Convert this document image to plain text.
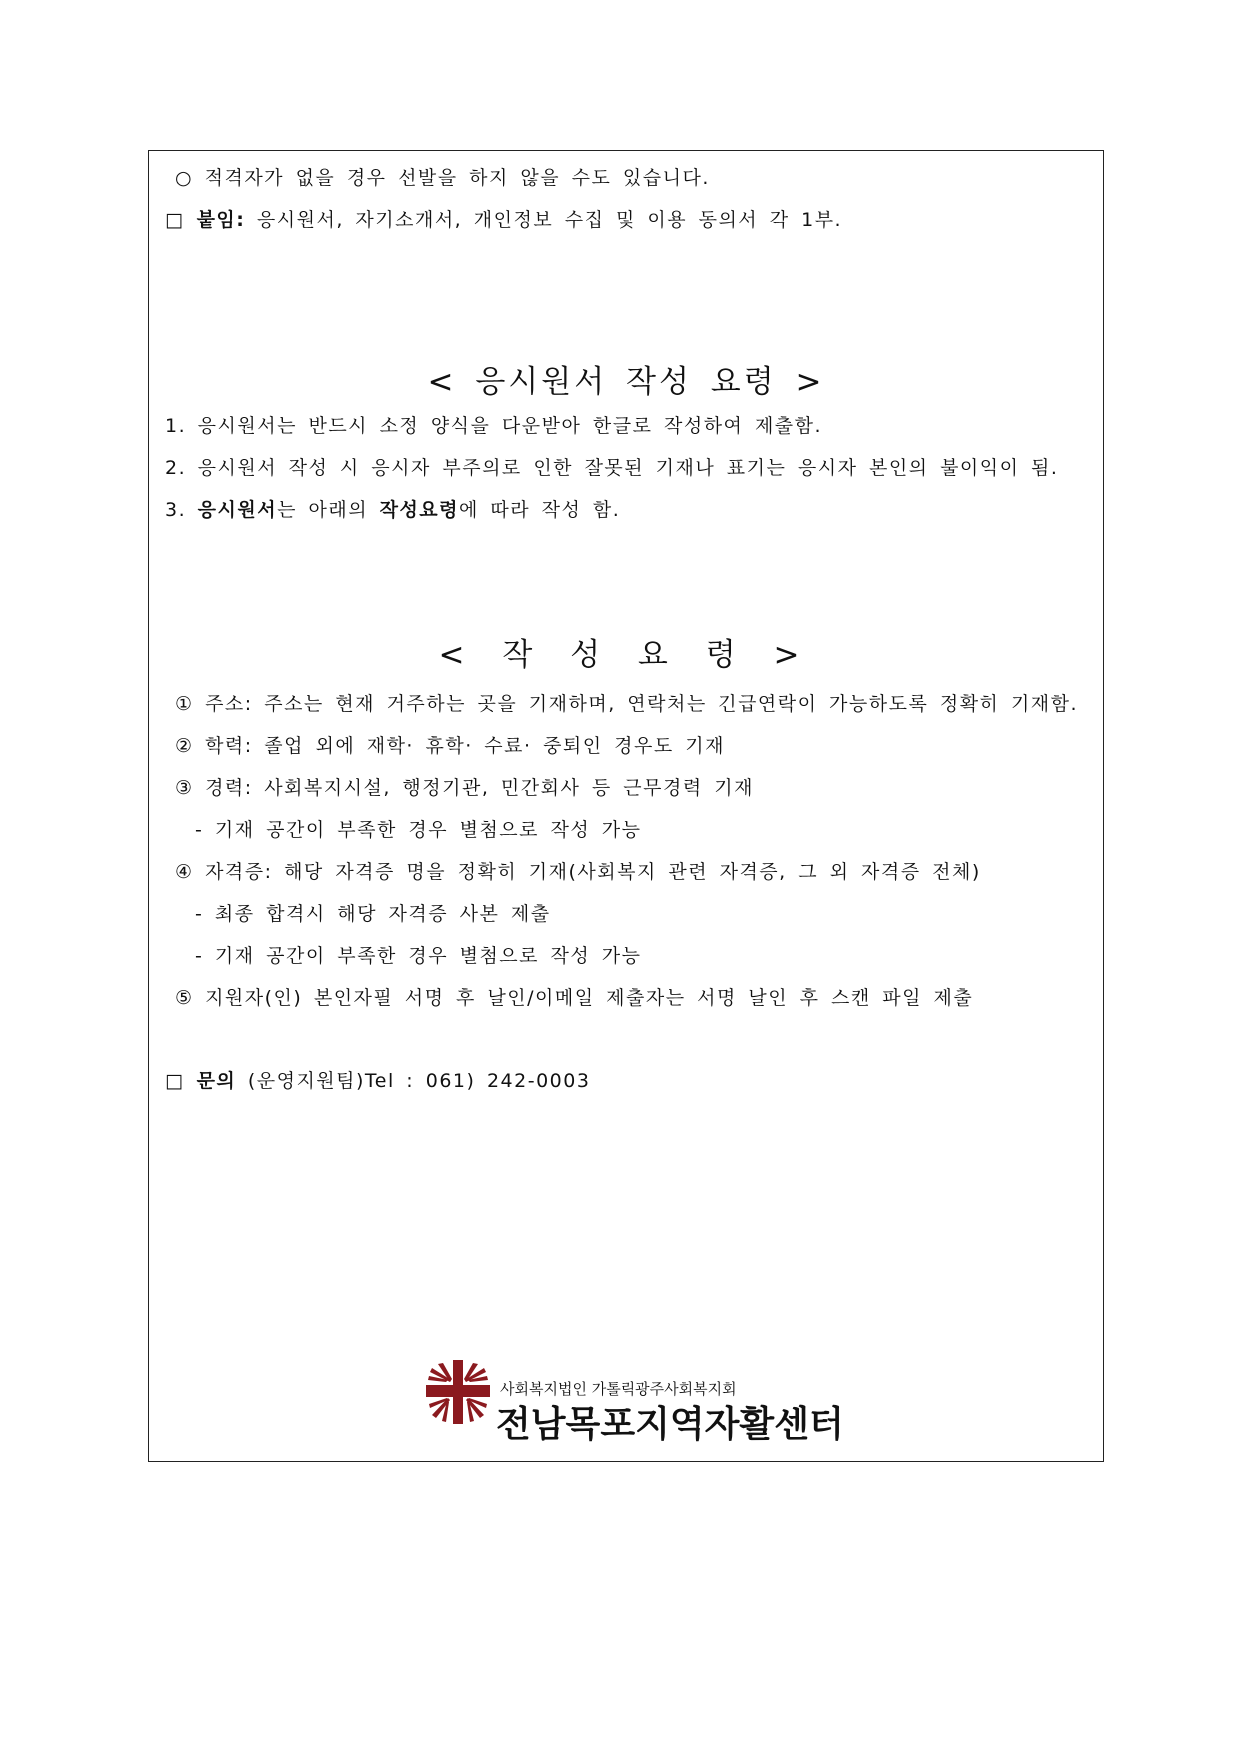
○ 적격자가 없을 경우 선발을 하지 않을 수도 있습니다.
□ 붙임: 응시원서, 자기소개서, 개인정보 수집 및 이용 동의서 각 1부.
< 응시원서 작성 요령 >
1. 응시원서는 반드시 소정 양식을 다운받아 한글로 작성하여 제출함.
2. 응시원서 작성 시 응시자 부주의로 인한 잘못된 기재나 표기는 응시자 본인의 불이익이 됨.
3. 응시원서는 아래의 작성요령에 따라 작성 함.
< 작 성 요 령 >
① 주소: 주소는 현재 거주하는 곳을 기재하며, 연락처는 긴급연락이 가능하도록 정확히 기재함.
② 학력: 졸업 외에 재학· 휴학· 수료· 중퇴인 경우도 기재
③ 경력: 사회복지시설, 행정기관, 민간회사 등 근무경력 기재
- 기재 공간이 부족한 경우 별첨으로 작성 가능
④ 자격증: 해당 자격증 명을 정확히 기재(사회복지 관련 자격증, 그 외 자격증 전체)
- 최종 합격시 해당 자격증 사본 제출
- 기재 공간이 부족한 경우 별첨으로 작성 가능
⑤ 지원자(인) 본인자필 서명 후 날인/이메일 제출자는 서명 날인 후 스캔 파일 제출
□ 문의 (운영지원팀)Tel : 061) 242-0003
사회복지법인 가톨릭광주사회복지회
전남목포지역자활센터
